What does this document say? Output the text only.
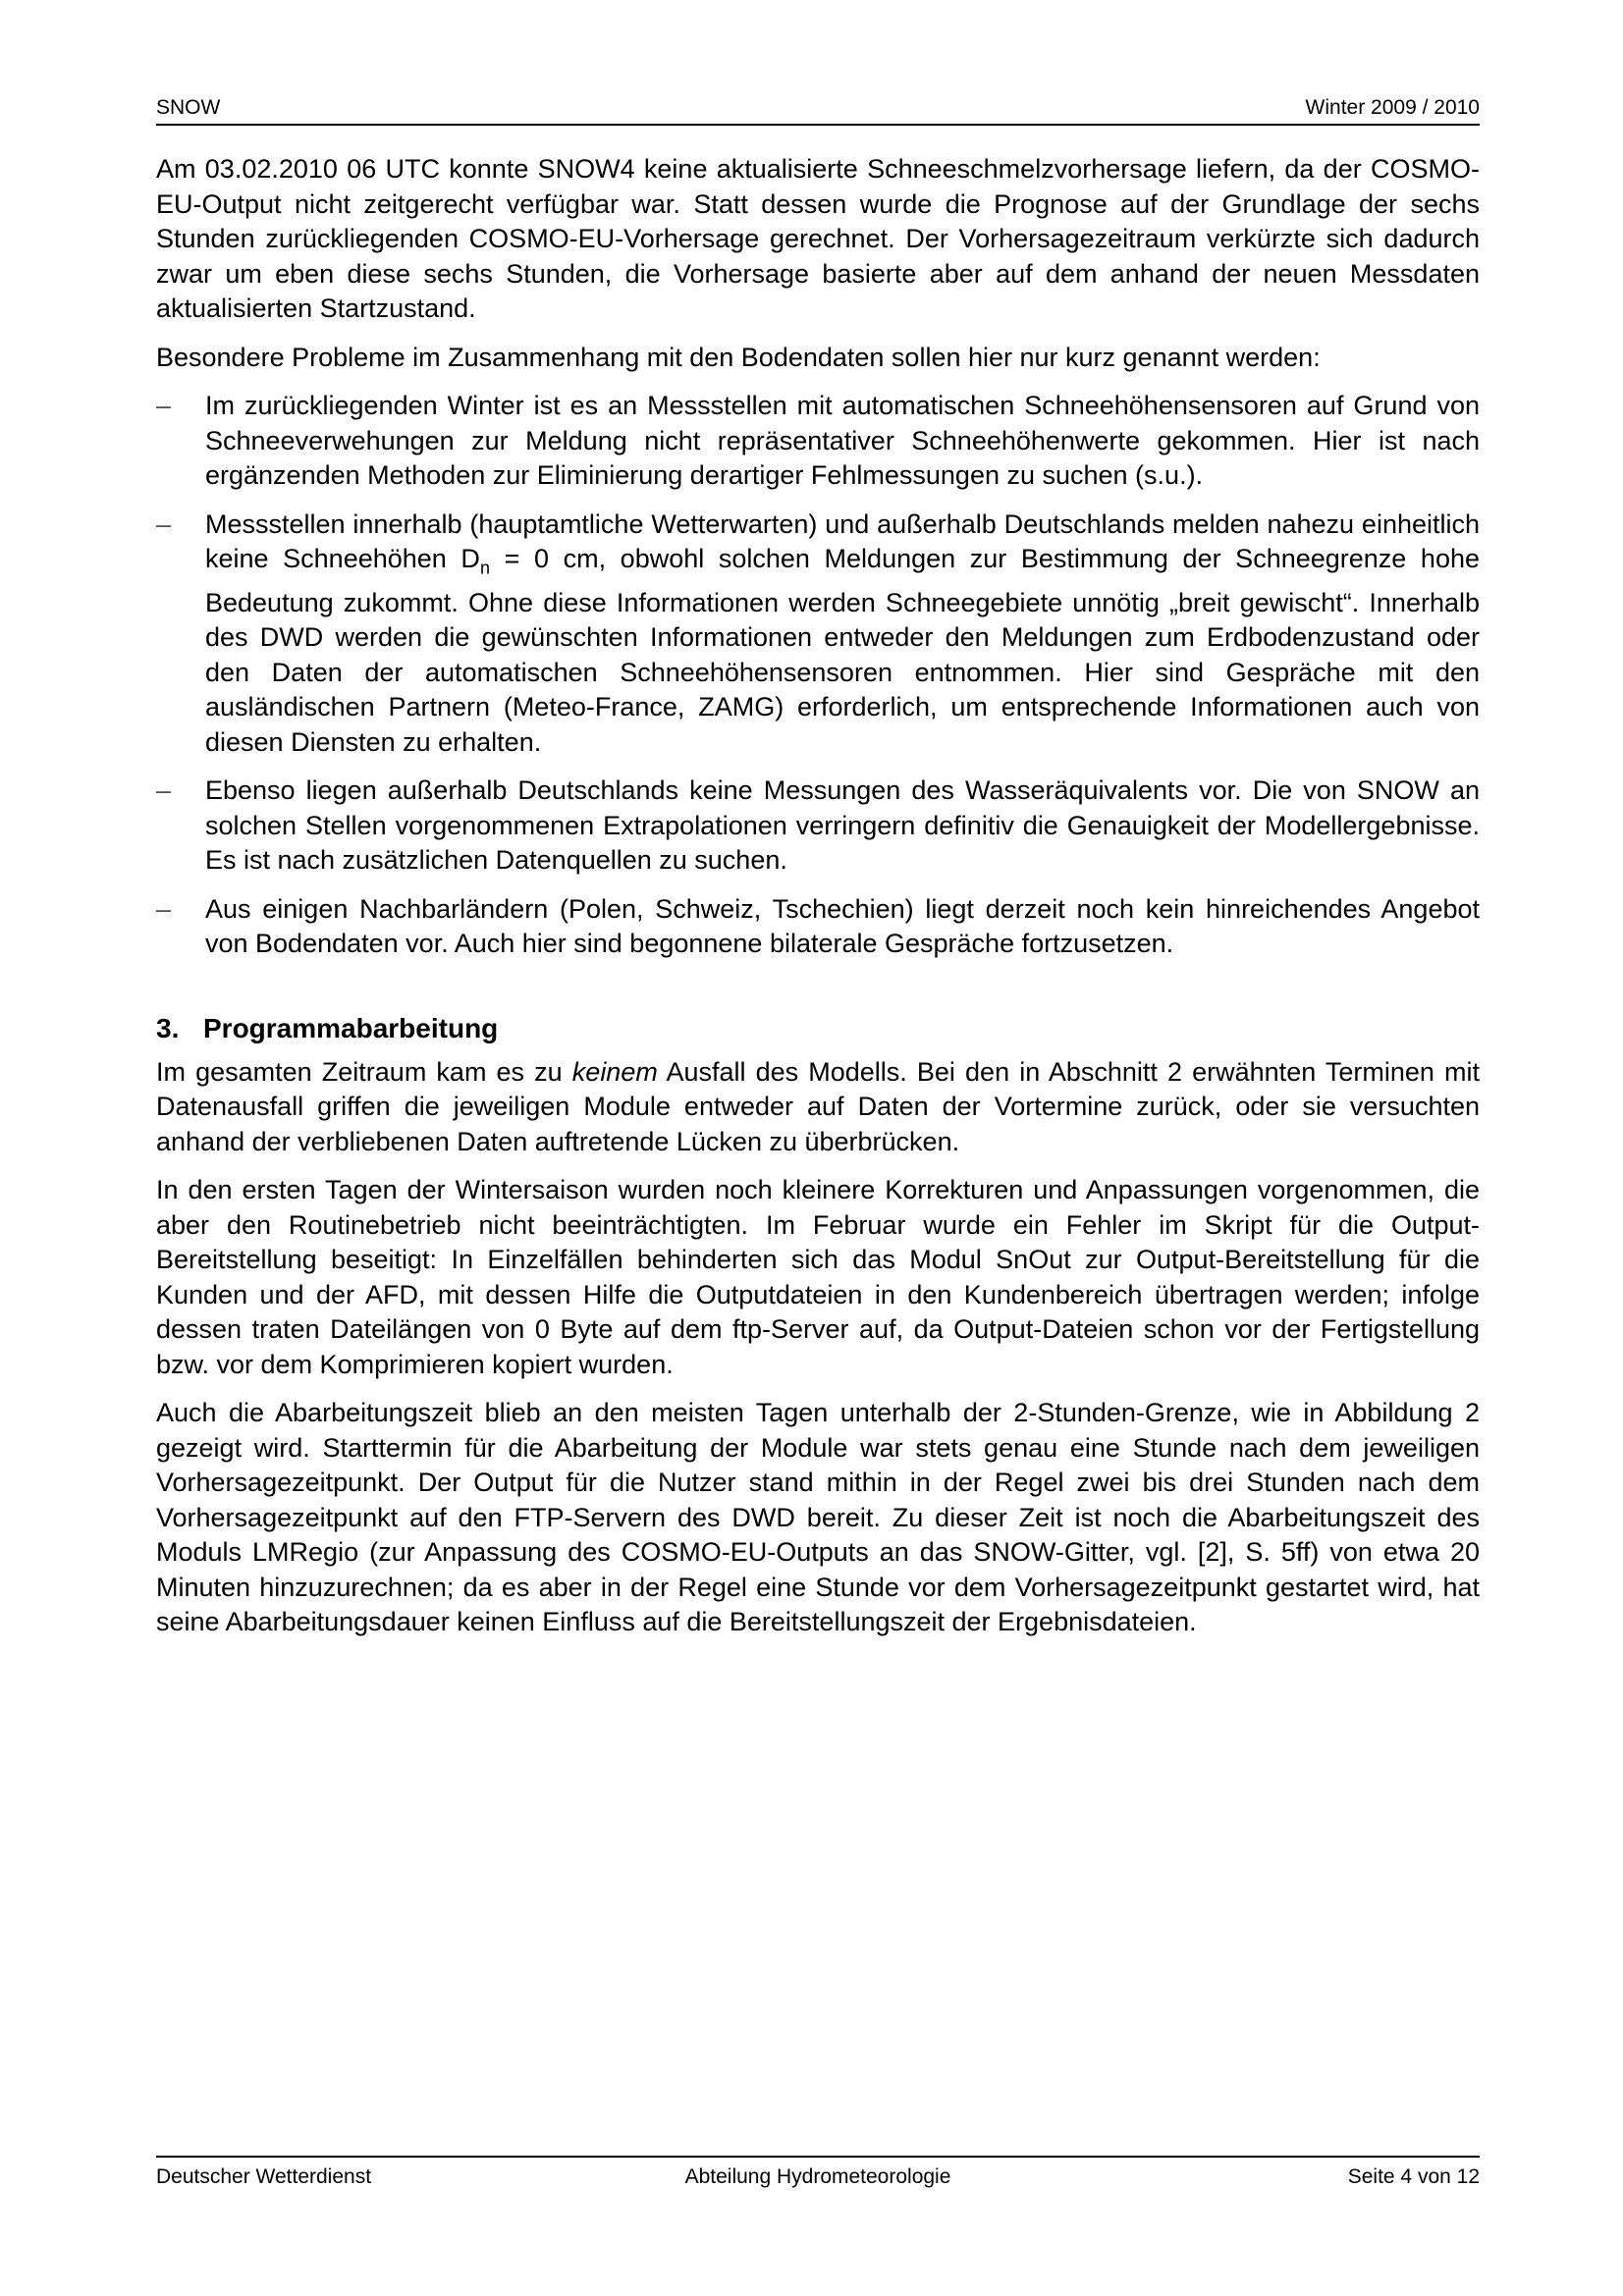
SNOW	Winter 2009 / 2010

Am 03.02.2010 06 UTC konnte SNOW4 keine aktualisierte Schneeschmelzvorhersage liefern, da der COSMO-EU-Output nicht zeitgerecht verfügbar war. Statt dessen wurde die Prognose auf der Grundlage der sechs Stunden zurückliegenden COSMO-EU-Vorhersage gerechnet. Der Vorhersagezeitraum verkürzte sich dadurch zwar um eben diese sechs Stunden, die Vorhersage basierte aber auf dem anhand der neuen Messdaten aktualisierten Startzustand.

Besondere Probleme im Zusammenhang mit den Bodendaten sollen hier nur kurz genannt werden:

– Im zurückliegenden Winter ist es an Messstellen mit automatischen Schneehöhensensoren auf Grund von Schneeverwehungen zur Meldung nicht repräsentativer Schneehöhenwerte gekommen. Hier ist nach ergänzenden Methoden zur Eliminierung derartiger Fehlmessungen zu suchen (s.u.).
– Messstellen innerhalb (hauptamtliche Wetterwarten) und außerhalb Deutschlands melden nahezu einheitlich keine Schneehöhen $D_n = 0$ cm, obwohl solchen Meldungen zur Bestimmung der Schneegrenze hohe Bedeutung zukommt. Ohne diese Informationen werden Schneegebiete unnötig „breit gewischt“. Innerhalb des DWD werden die gewünschten Informationen entweder den Meldungen zum Erdbodenzustand oder den Daten der automatischen Schneehöhensensoren entnommen. Hier sind Gespräche mit den ausländischen Partnern (Meteo-France, ZAMG) erforderlich, um entsprechende Informationen auch von diesen Diensten zu erhalten.
– Ebenso liegen außerhalb Deutschlands keine Messungen des Wasseräquivalents vor. Die von SNOW an solchen Stellen vorgenommenen Extrapolationen verringern definitiv die Genauigkeit der Modellergebnisse. Es ist nach zusätzlichen Datenquellen zu suchen.
– Aus einigen Nachbarländern (Polen, Schweiz, Tschechien) liegt derzeit noch kein hinreichendes Angebot von Bodendaten vor. Auch hier sind begonnene bilaterale Gespräche fortzusetzen.
3. Programmabarbeitung

Im gesamten Zeitraum kam es zu keinem Ausfall des Modells. Bei den in Abschnitt 2 erwähnten Terminen mit Datenausfall griffen die jeweiligen Module entweder auf Daten der Vortermine zurück, oder sie versuchten anhand der verbliebenen Daten auftretende Lücken zu überbrücken.

In den ersten Tagen der Wintersaison wurden noch kleinere Korrekturen und Anpassungen vorgenommen, die aber den Routinebetrieb nicht beeinträchtigten. Im Februar wurde ein Fehler im Skript für die Output-Bereitstellung beseitigt: In Einzelfällen behinderten sich das Modul SnOut zur Output-Bereitstellung für die Kunden und der AFD, mit dessen Hilfe die Outputdateien in den Kundenbereich übertragen werden; infolge dessen traten Dateilängen von 0 Byte auf dem ftp-Server auf, da Output-Dateien schon vor der Fertigstellung bzw. vor dem Komprimieren kopiert wurden.

Auch die Abarbeitungszeit blieb an den meisten Tagen unterhalb der 2-Stunden-Grenze, wie in Abbildung 2 gezeigt wird. Starttermin für die Abarbeitung der Module war stets genau eine Stunde nach dem jeweiligen Vorhersagezeitpunkt. Der Output für die Nutzer stand mithin in der Regel zwei bis drei Stunden nach dem Vorhersagezeitpunkt auf den FTP-Servern des DWD bereit. Zu dieser Zeit ist noch die Abarbeitungszeit des Moduls LMRegio (zur Anpassung des COSMO-EU-Outputs an das SNOW-Gitter, vgl. [2], S. 5ff) von etwa 20 Minuten hinzuzurechnen; da es aber in der Regel eine Stunde vor dem Vorhersagezeitpunkt gestartet wird, hat seine Abarbeitungsdauer keinen Einfluss auf die Bereitstellungszeit der Ergebnisdateien.

Deutscher Wetterdienst	Abteilung Hydrometeorologie	Seite 4 von 12
